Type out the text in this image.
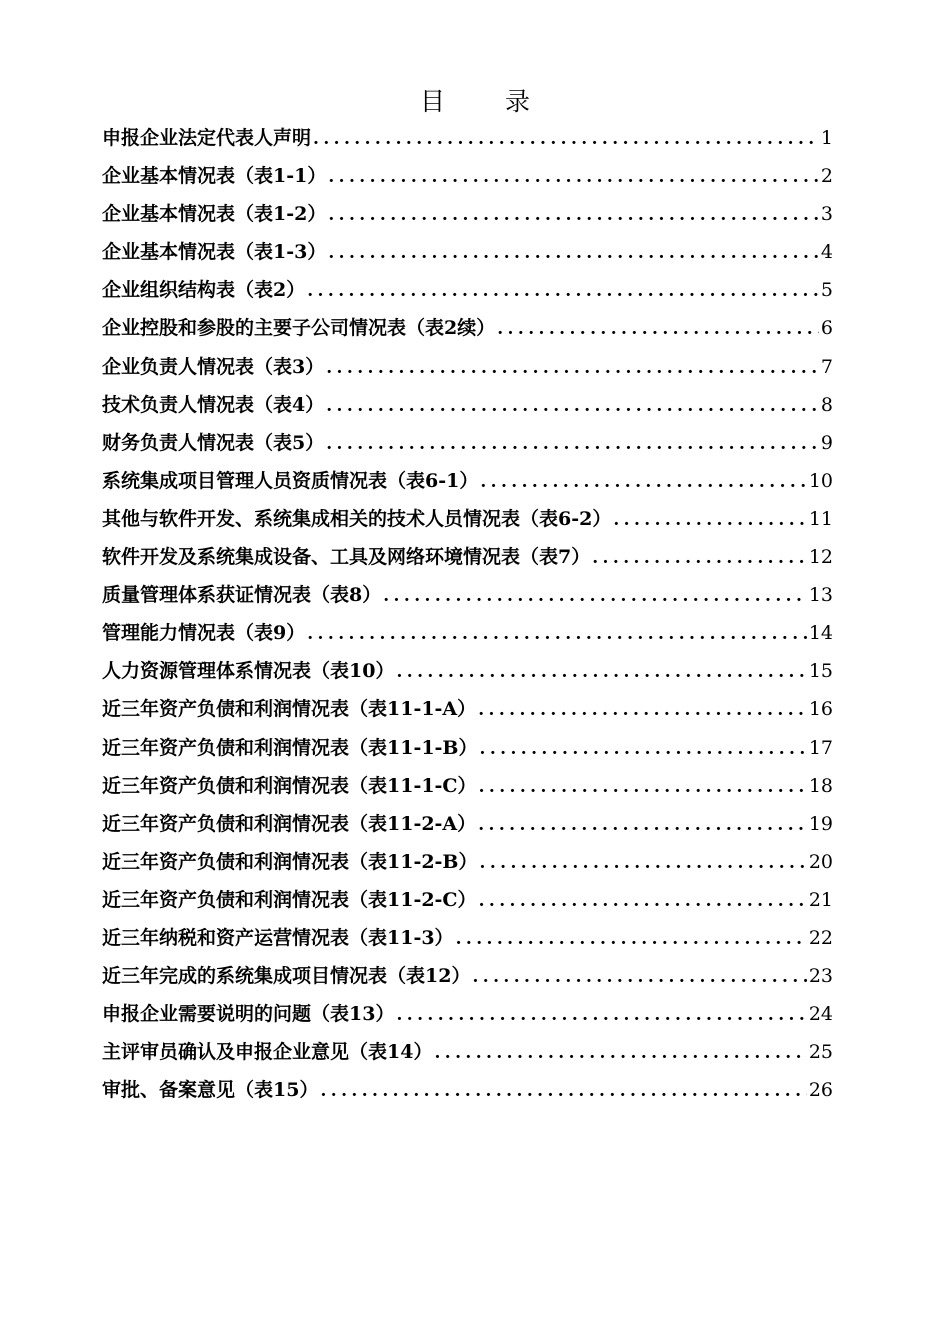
目 录
申报企业法定代表人声明 .....	1
企业基本情况表（表1-1） .....	2
企业基本情况表（表1-2） .....	3
企业基本情况表（表1-3） .....	4
企业组织结构表（表2） .....	5
企业控股和参股的主要子公司情况表（表2续） .....	6
企业负责人情况表（表3） .....	7
技术负责人情况表（表4） .....	8
财务负责人情况表（表5） .....	9
系统集成项目管理人员资质情况表（表6-1） .....	10
其他与软件开发、系统集成相关的技术人员情况表（表6-2） .....	11
软件开发及系统集成设备、工具及网络环境情况表（表7） .....	12
质量管理体系获证情况表（表8） .....	13
管理能力情况表（表9） .....	14
人力资源管理体系情况表（表10） .....	15
近三年资产负债和利润情况表（表11-1-A） .....	16
近三年资产负债和利润情况表（表11-1-B） .....	17
近三年资产负债和利润情况表（表11-1-C） .....	18
近三年资产负债和利润情况表（表11-2-A） .....	19
近三年资产负债和利润情况表（表11-2-B） .....	20
近三年资产负债和利润情况表（表11-2-C） .....	21
近三年纳税和资产运营情况表（表11-3） .....	22
近三年完成的系统集成项目情况表（表12） .....	23
申报企业需要说明的问题（表13） .....	24
主评审员确认及申报企业意见（表14） .....	25
审批、备案意见（表15） .....	26
